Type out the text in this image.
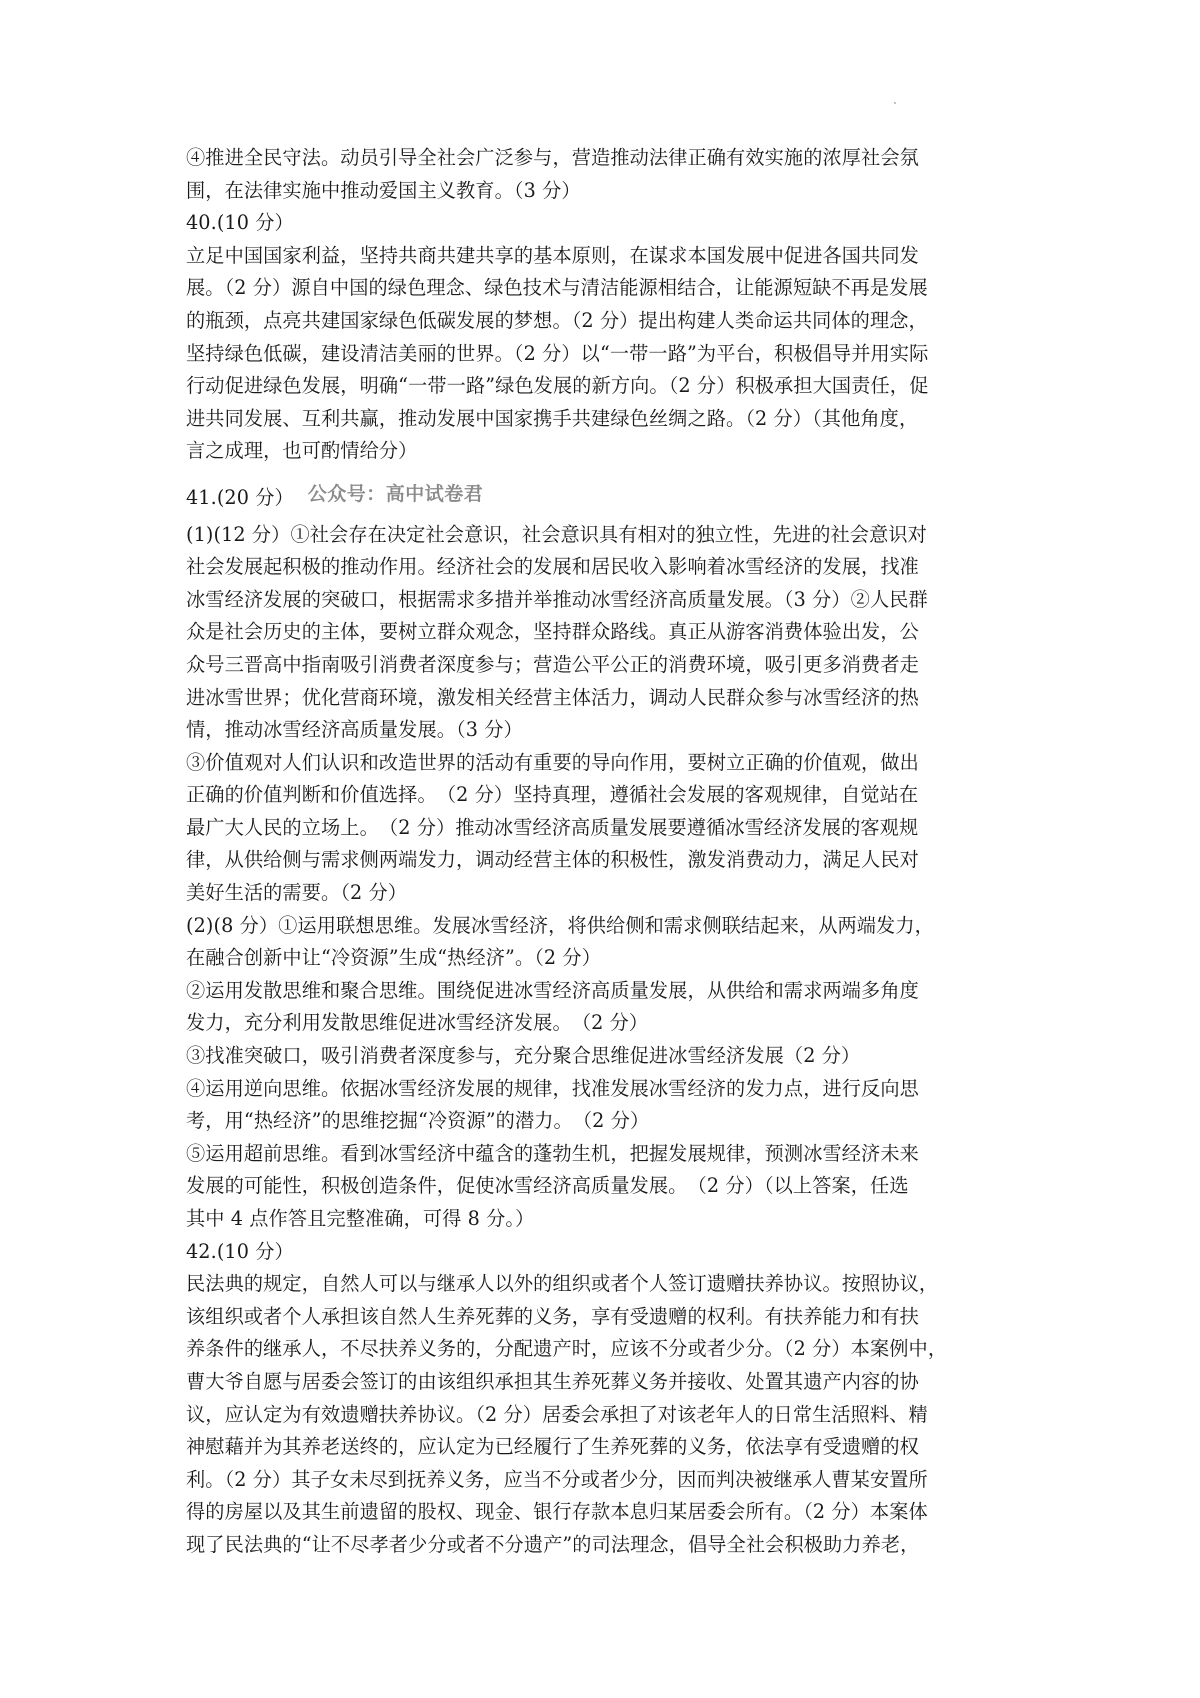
④推进全民守法。动员引导全社会广泛参与，营造推动法律正确有效实施的浓厚社会氛
围，在法律实施中推动爱国主义教育。（3 分）
40.(10 分）
立足中国国家利益，坚持共商共建共享的基本原则，在谋求本国发展中促进各国共同发
展。（2 分）源自中国的绿色理念、绿色技术与清洁能源相结合，让能源短缺不再是发展
的瓶颈，点亮共建国家绿色低碳发展的梦想。（2 分）提出构建人类命运共同体的理念，
坚持绿色低碳，建设清洁美丽的世界。（2 分）以“一带一路”为平台，积极倡导并用实际
行动促进绿色发展，明确“一带一路”绿色发展的新方向。（2 分）积极承担大国责任，促
进共同发展、互利共赢，推动发展中国家携手共建绿色丝绸之路。（2 分）（其他角度，
言之成理，也可酌情给分）
41.(20 分） 公众号：高中试卷君
(1)(12 分）①社会存在决定社会意识，社会意识具有相对的独立性，先进的社会意识对
社会发展起积极的推动作用。经济社会的发展和居民收入影响着冰雪经济的发展，找准
冰雪经济发展的突破口，根据需求多措并举推动冰雪经济高质量发展。（3 分）②人民群
众是社会历史的主体，要树立群众观念，坚持群众路线。真正从游客消费体验出发，公
众号三晋高中指南吸引消费者深度参与；营造公平公正的消费环境，吸引更多消费者走
进冰雪世界；优化营商环境，激发相关经营主体活力，调动人民群众参与冰雪经济的热
情，推动冰雪经济高质量发展。（3 分）
③价值观对人们认识和改造世界的活动有重要的导向作用，要树立正确的价值观，做出
正确的价值判断和价值选择。　（2 分）坚持真理，遵循社会发展的客观规律，自觉站在
最广大人民的立场上。　（2 分）推动冰雪经济高质量发展要遵循冰雪经济发展的客观规
律，从供给侧与需求侧两端发力，调动经营主体的积极性，激发消费动力，满足人民对
美好生活的需要。（2 分）
(2)(8 分）①运用联想思维。发展冰雪经济，将供给侧和需求侧联结起来，从两端发力，
在融合创新中让“冷资源”生成“热经济”。（2 分）
②运用发散思维和聚合思维。围绕促进冰雪经济高质量发展，从供给和需求两端多角度
发力，充分利用发散思维促进冰雪经济发展。　（2 分）
③找准突破口，吸引消费者深度参与，充分聚合思维促进冰雪经济发展（2 分）
④运用逆向思维。依据冰雪经济发展的规律，找准发展冰雪经济的发力点，进行反向思
考，用“热经济”的思维挖掘“冷资源”的潜力。　（2 分）
⑤运用超前思维。看到冰雪经济中蕴含的蓬勃生机，把握发展规律，预测冰雪经济未来
发展的可能性，积极创造条件，促使冰雪经济高质量发展。　（2 分）（以上答案，任选
其中 4 点作答且完整准确，可得 8 分。）
42.(10 分）
民法典的规定，自然人可以与继承人以外的组织或者个人签订遗赠扶养协议。按照协议，
该组织或者个人承担该自然人生养死葬的义务，享有受遗赠的权利。有扶养能力和有扶
养条件的继承人，不尽扶养义务的，分配遗产时，应该不分或者少分。（2 分）本案例中，
曹大爷自愿与居委会签订的由该组织承担其生养死葬义务并接收、处置其遗产内容的协
议，应认定为有效遗赠扶养协议。（2 分）居委会承担了对该老年人的日常生活照料、精
神慰藉并为其养老送终的，应认定为已经履行了生养死葬的义务，依法享有受遗赠的权
利。（2 分）其子女未尽到抚养义务，应当不分或者少分，因而判决被继承人曹某安置所
得的房屋以及其生前遗留的股权、现金、银行存款本息归某居委会所有。（2 分）本案体
现了民法典的“让不尽孝者少分或者不分遗产”的司法理念，倡导全社会积极助力养老，
